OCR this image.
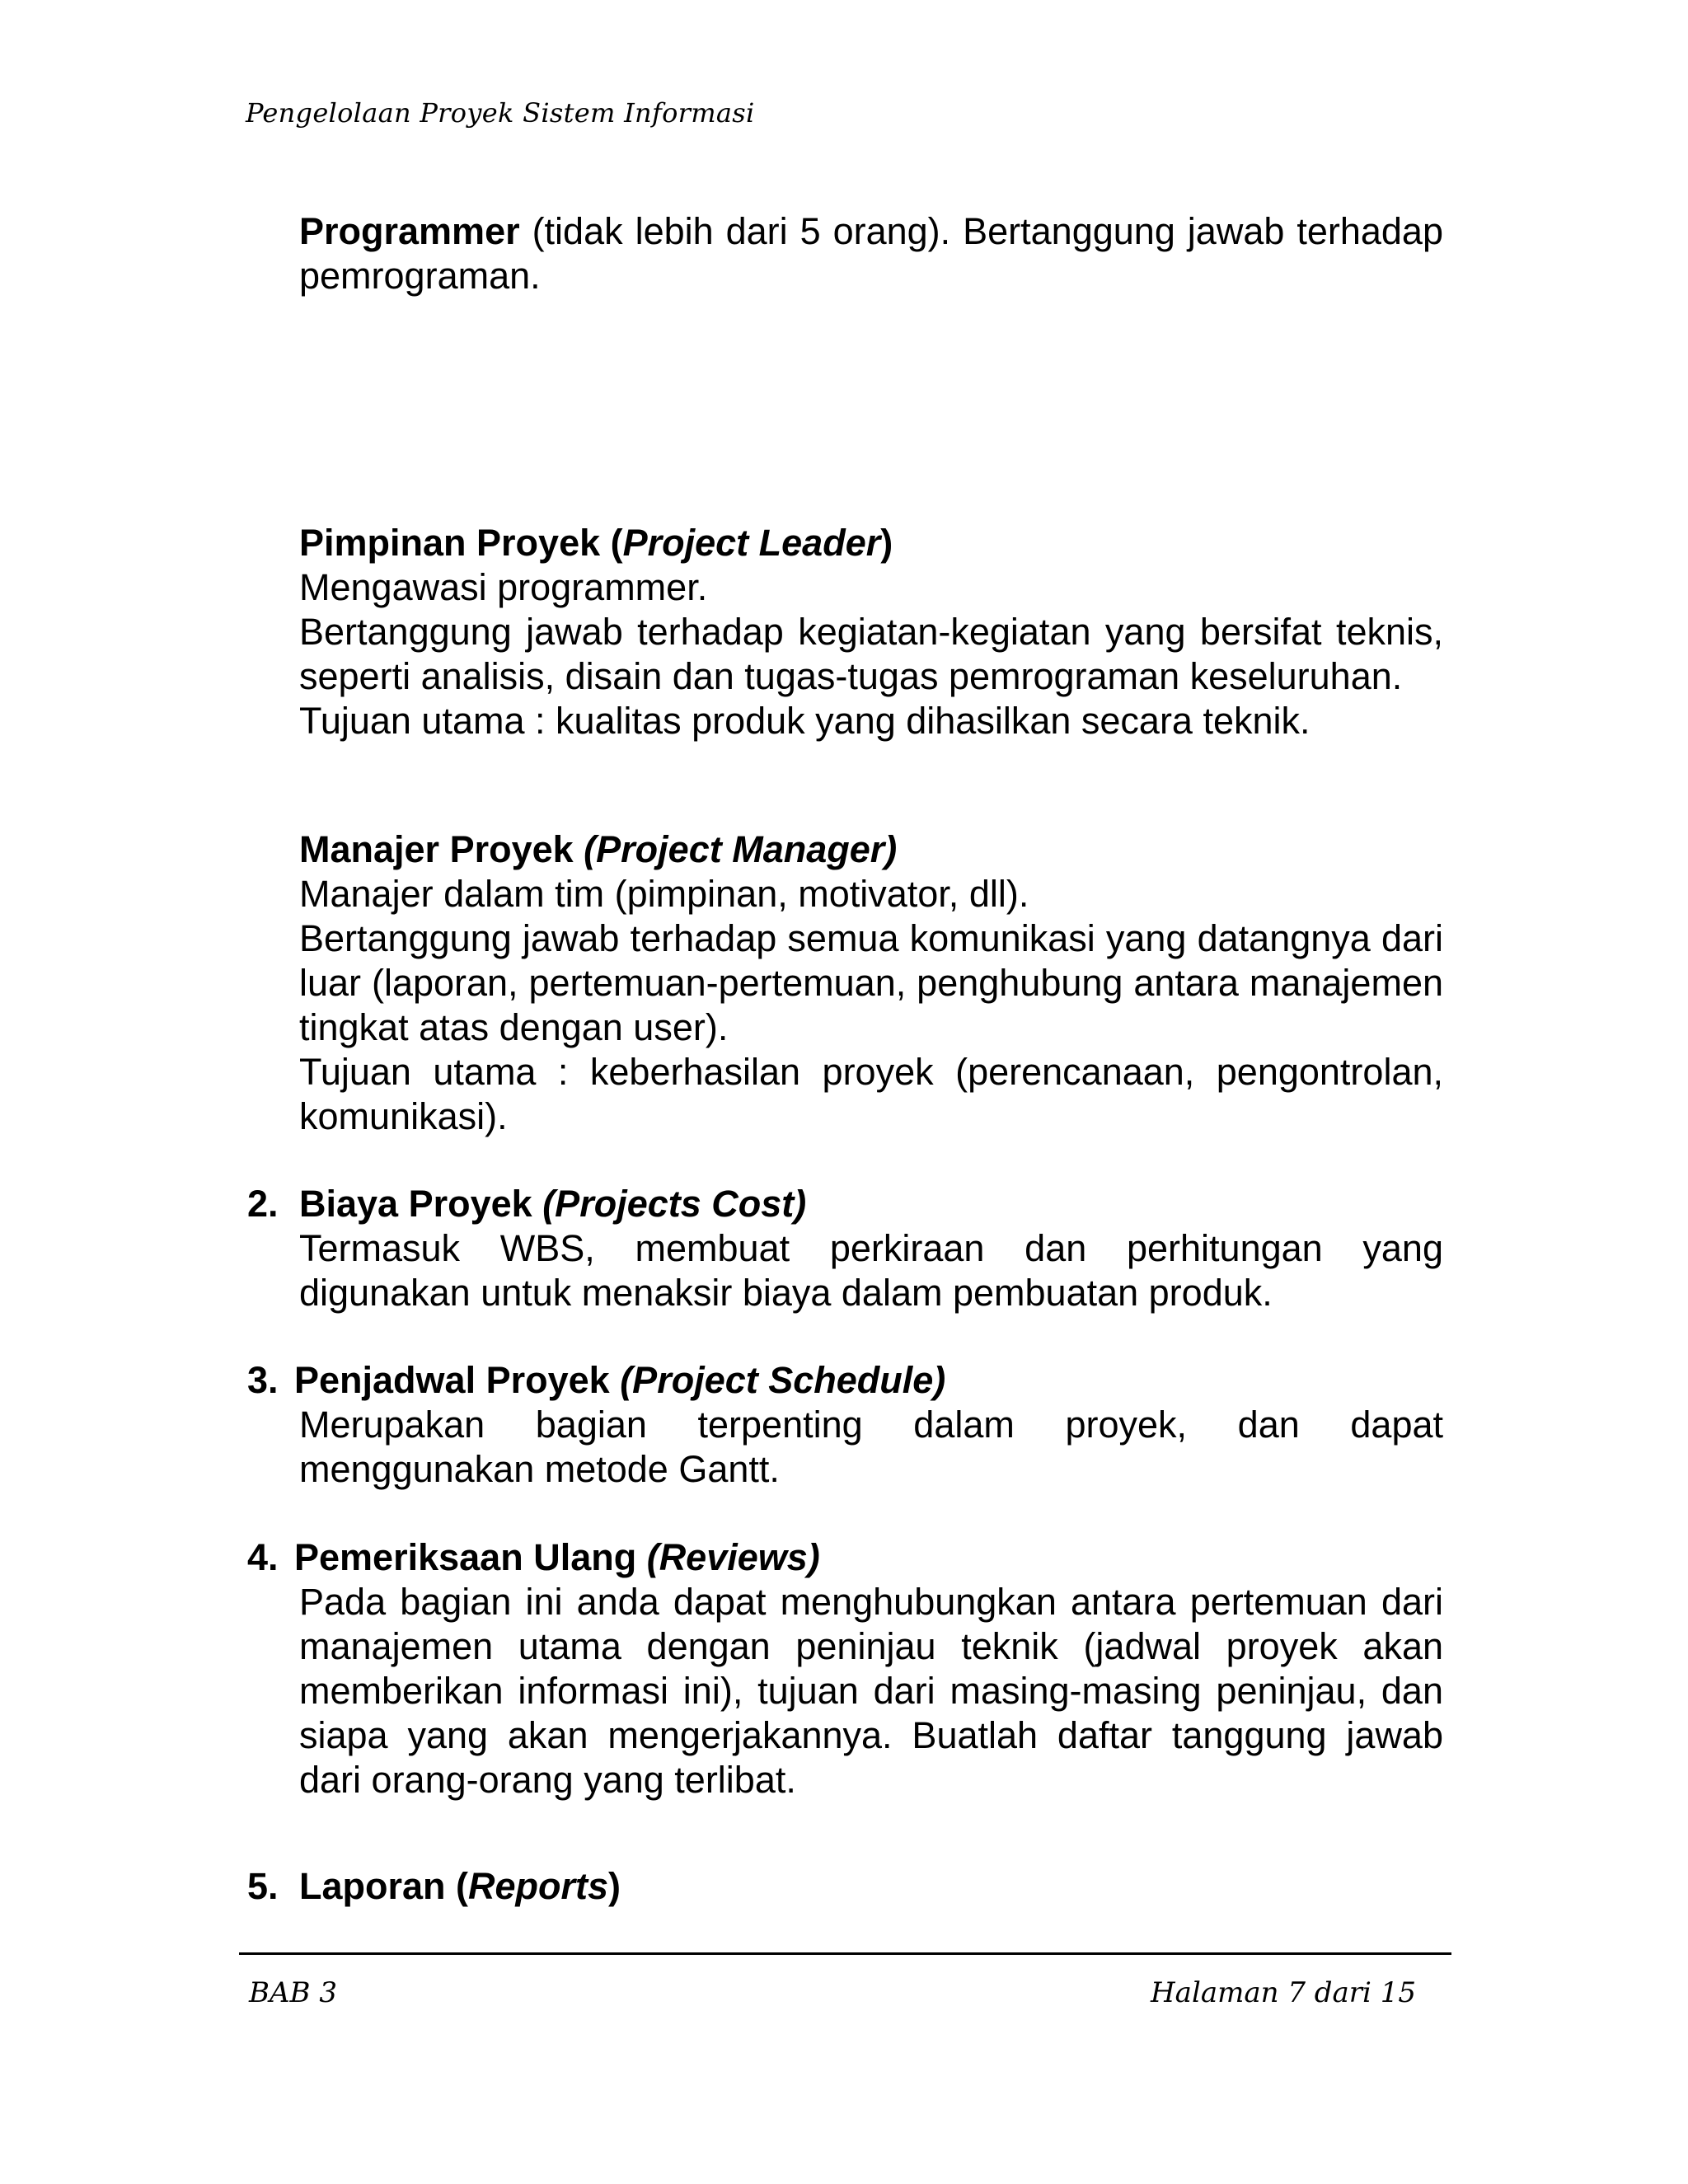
Pengelolaan Proyek Sistem Informasi

Programmer (tidak lebih dari 5 orang). Bertanggung jawab terhadap pemrograman.

Pimpinan Proyek (Project Leader)

Mengawasi programmer.

Bertanggung jawab terhadap kegiatan-kegiatan yang bersifat teknis, seperti analisis, disain dan tugas-tugas pemrograman keseluruhan.

Tujuan utama : kualitas produk yang dihasilkan secara teknik.

Manajer Proyek (Project Manager)

Manajer dalam tim (pimpinan, motivator, dll).

Bertanggung jawab terhadap semua komunikasi yang datangnya dari luar (laporan, pertemuan-pertemuan, penghubung antara manajemen tingkat atas dengan user).

Tujuan utama : keberhasilan proyek (perencanaan, pengontrolan, komunikasi).

2. Biaya Proyek (Projects Cost)

Termasuk WBS, membuat perkiraan dan perhitungan yang digunakan untuk menaksir biaya dalam pembuatan produk.

3. Penjadwal Proyek (Project Schedule)

Merupakan bagian terpenting dalam proyek, dan dapat menggunakan metode Gantt.

4. Pemeriksaan Ulang (Reviews)

Pada bagian ini anda dapat menghubungkan antara pertemuan dari manajemen utama dengan peninjau teknik (jadwal proyek akan memberikan informasi ini), tujuan dari masing-masing peninjau, dan siapa yang akan mengerjakannya. Buatlah daftar tanggung jawab dari orang-orang yang terlibat.

5. Laporan (Reports)

BAB 3	Halaman 7 dari 15
